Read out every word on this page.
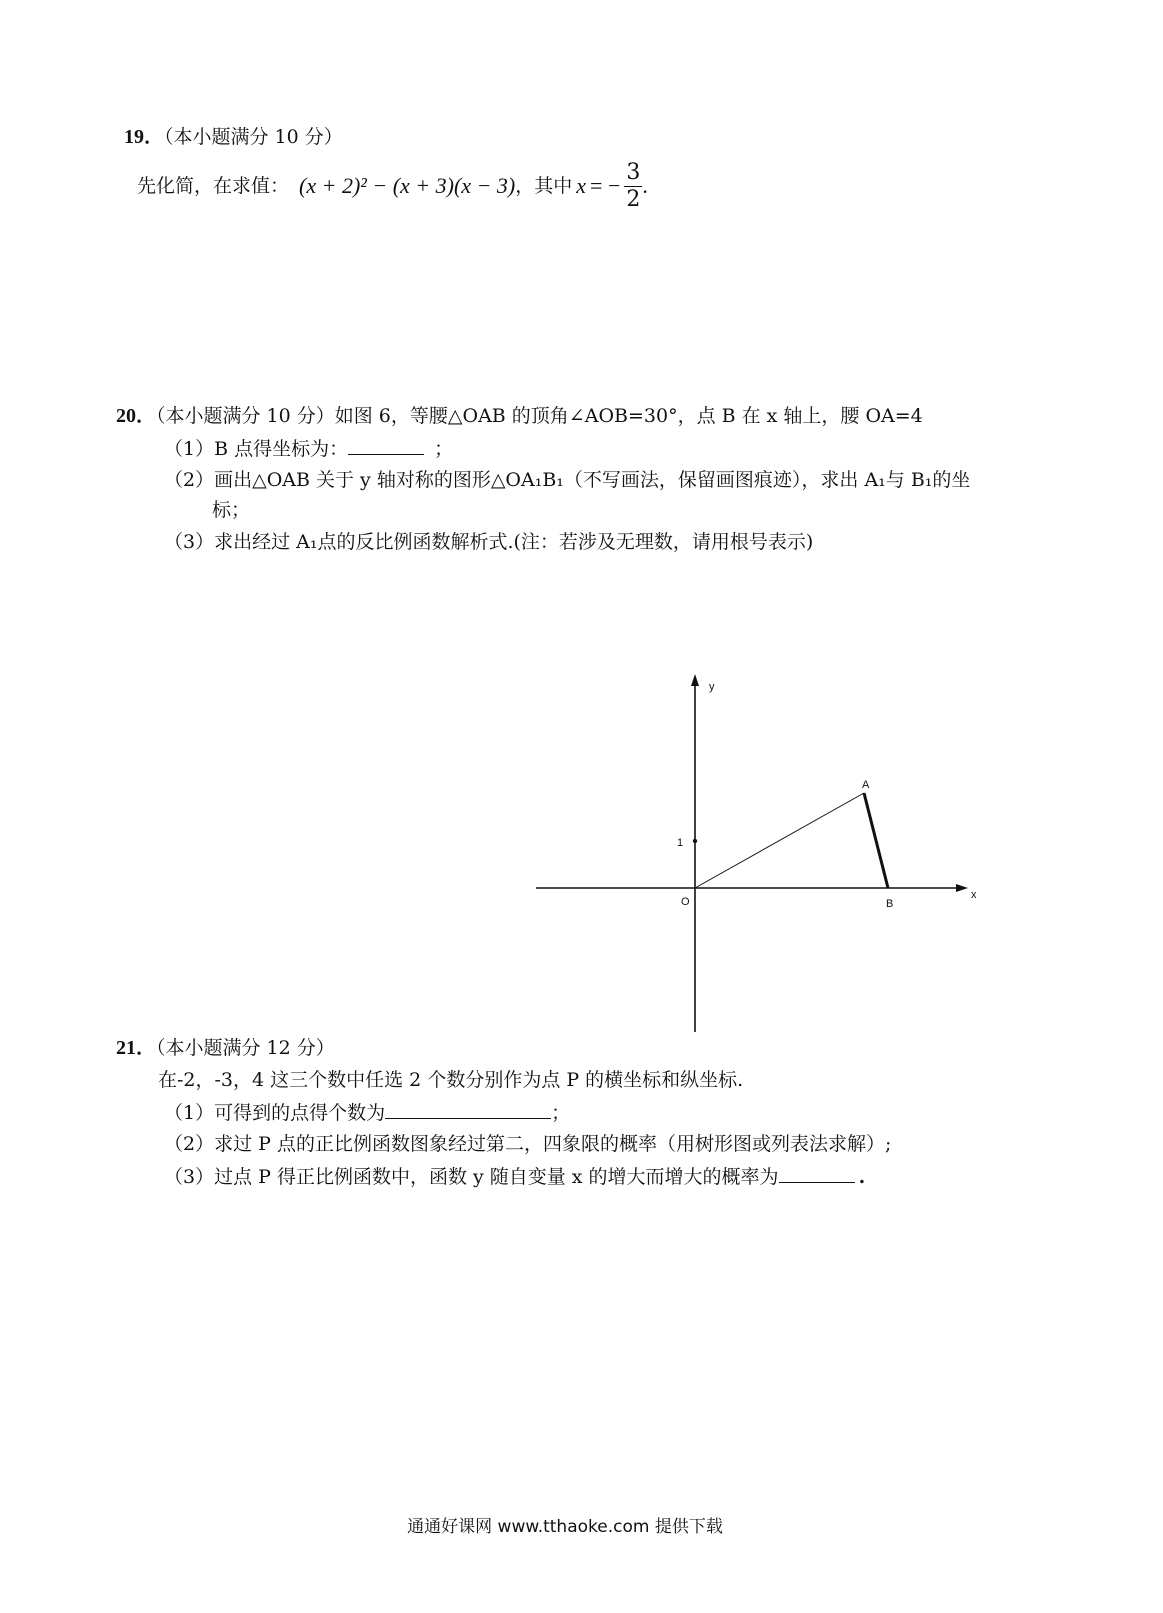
19．（本小题满分 10 分）
先化简，在求值： (x + 2)² − (x + 3)(x − 3) ，其中 x = − $\frac{3}{2}$ .
20．（本小题满分 10 分）如图 6，等腰△OAB 的顶角∠AOB=30°，点 B 在 x 轴上，腰 OA=4
（1）B 点得坐标为：	；
（2）画出△OAB 关于 y 轴对称的图形△OA₁B₁（不写画法，保留画图痕迹），求出 A₁与 B₁的坐
标；
（3）求出经过 A₁点的反比例函数解析式.(注：若涉及无理数，请用根号表示)
y
x
O
1
A
B
21．（本小题满分 12 分）
在-2，-3，4 这三个数中任选 2 个数分别作为点 P 的横坐标和纵坐标.
（1）可得到的点得个数为	；
（2）求过 P 点的正比例函数图象经过第二，四象限的概率（用树形图或列表法求解）;
（3）过点 P 得正比例函数中，函数 y 随自变量 x 的增大而增大的概率为	.
通通好课网 www.tthaoke.com 提供下载
